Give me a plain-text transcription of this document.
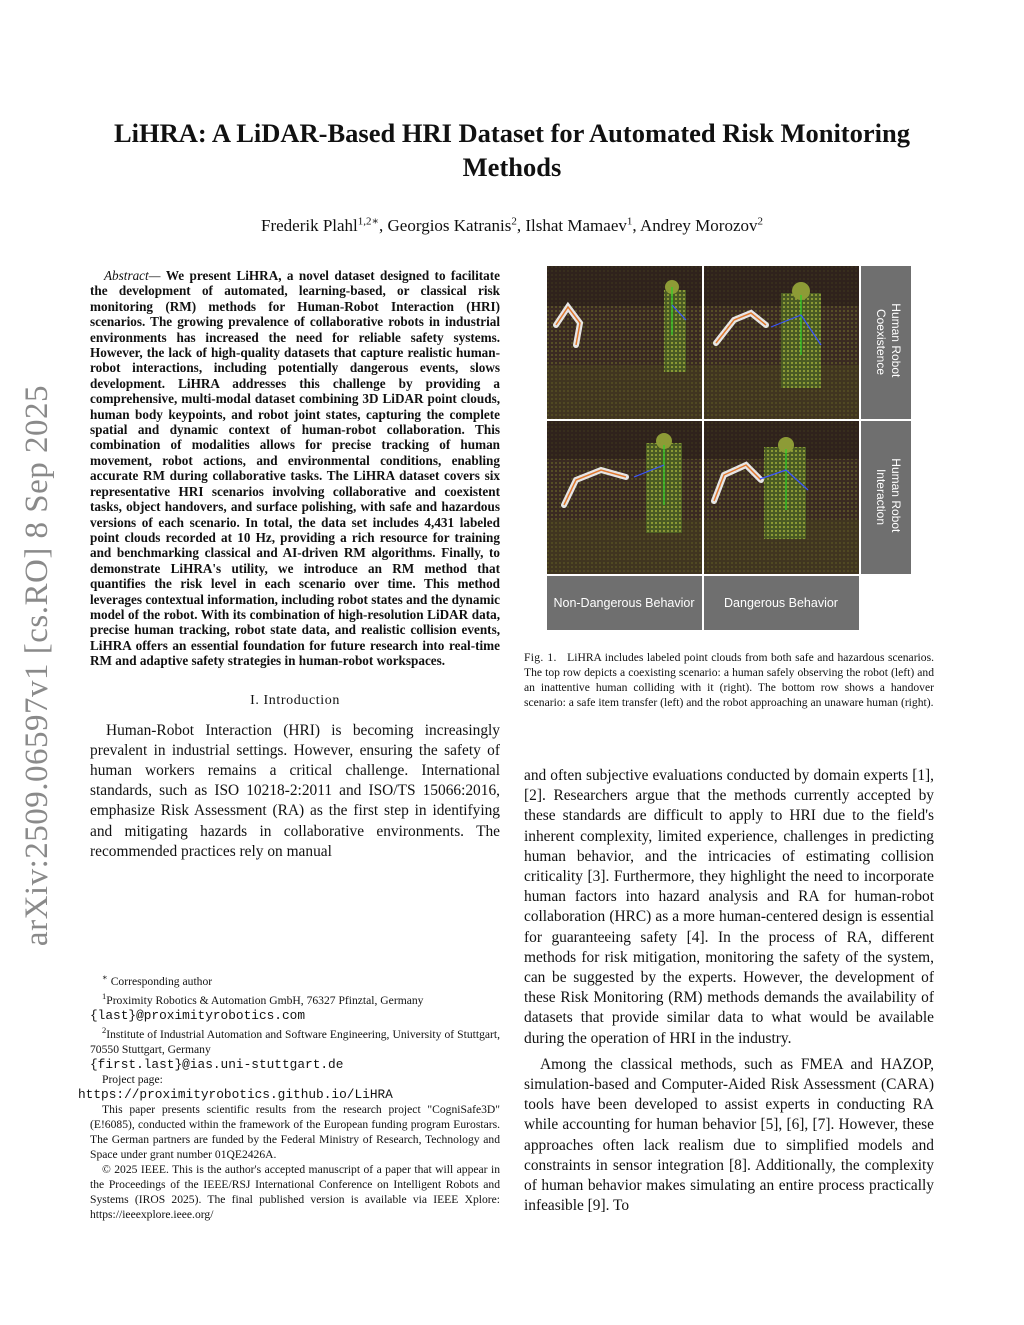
arXiv:2509.06597v1 [cs.RO] 8 Sep 2025
LiHRA: A LiDAR-Based HRI Dataset for Automated Risk Monitoring
Methods
Frederik Plahl$^{1,2∗}$, Georgios Katranis$^2$, Ilshat Mamaev$^1$, Andrey Morozov$^2$

Abstract— We present LiHRA, a novel dataset designed to facilitate the development of automated, learning-based, or classical risk monitoring (RM) methods for Human-Robot Interaction (HRI) scenarios. The growing prevalence of collaborative robots in industrial environments has increased the need for reliable safety systems. However, the lack of high-quality datasets that capture realistic human-robot interactions, including potentially dangerous events, slows development. LiHRA addresses this challenge by providing a comprehensive, multi-modal dataset combining 3D LiDAR point clouds, human body keypoints, and robot joint states, capturing the complete spatial and dynamic context of human-robot collaboration. This combination of modalities allows for precise tracking of human movement, robot actions, and environmental conditions, enabling accurate RM during collaborative tasks. The LiHRA dataset covers six representative HRI scenarios involving collaborative and coexistent tasks, object handovers, and surface polishing, with safe and hazardous versions of each scenario. In total, the data set includes 4,431 labeled point clouds recorded at 10 Hz, providing a rich resource for training and benchmarking classical and AI-driven RM algorithms. Finally, to demonstrate LiHRA's utility, we introduce an RM method that quantifies the risk level in each scenario over time. This method leverages contextual information, including robot states and the dynamic model of the robot. With its combination of high-resolution LiDAR data, precise human tracking, robot state data, and realistic collision events, LiHRA offers an essential foundation for future research into real-time RM and adaptive safety strategies in human-robot workspaces.

I. Introduction

Human-Robot Interaction (HRI) is becoming increasingly prevalent in industrial settings. However, ensuring the safety of human workers remains a critical challenge. International standards, such as ISO 10218-2:2011 and ISO/TS 15066:2016, emphasize Risk Assessment (RA) as the first step in identifying and mitigating hazards in collaborative environments. The recommended practices rely on manual

∗ Corresponding author

$^1$Proximity Robotics & Automation GmbH, 76327 Pfinztal, Germany
{last}@proximityrobotics.com

$^2$Institute of Industrial Automation and Software Engineering, University of Stuttgart, 70550 Stuttgart, Germany
{first.last}@ias.uni-stuttgart.de

Project page:
https://proximityrobotics.github.io/LiHRA

This paper presents scientific results from the research project "CogniSafe3D" (E!6085), conducted within the framework of the European funding program Eurostars. The German partners are funded by the Federal Ministry of Research, Technology and Space under grant number 01QE2426A.

© 2025 IEEE. This is the author's accepted manuscript of a paper that will appear in the Proceedings of the IEEE/RSJ International Conference on Intelligent Robots and Systems (IROS 2025). The final published version is available via IEEE Xplore: https://ieeexplore.ieee.org/

Human Robot Coexistence
Human Robot Interaction
Non-Dangerous Behavior Dangerous Behavior
Fig. 1. LiHRA includes labeled point clouds from both safe and hazardous scenarios. The top row depicts a coexisting scenario: a human safely observing the robot (left) and an inattentive human colliding with it (right). The bottom row shows a handover scenario: a safe item transfer (left) and the robot approaching an unaware human (right).

and often subjective evaluations conducted by domain experts [1], [2]. Researchers argue that the methods currently accepted by these standards are difficult to apply to HRI due to the field's inherent complexity, limited experience, challenges in predicting human behavior, and the intricacies of estimating collision criticality [3]. Furthermore, they highlight the need to incorporate human factors into hazard analysis and RA for human-robot collaboration (HRC) as a more human-centered design is essential for guaranteeing safety [4]. In the process of RA, different methods for risk mitigation, monitoring the safety of the system, can be suggested by the experts. However, the development of these Risk Monitoring (RM) methods demands the availability of datasets that provide similar data to what would be available during the operation of HRI in the industry.

Among the classical methods, such as FMEA and HAZOP, simulation-based and Computer-Aided Risk Assessment (CARA) tools have been developed to assist experts in conducting RA while accounting for human behavior [5], [6], [7]. However, these approaches often lack realism due to simplified models and constraints in sensor integration [8]. Additionally, the complexity of human behavior makes simulating an entire process practically infeasible [9]. To
